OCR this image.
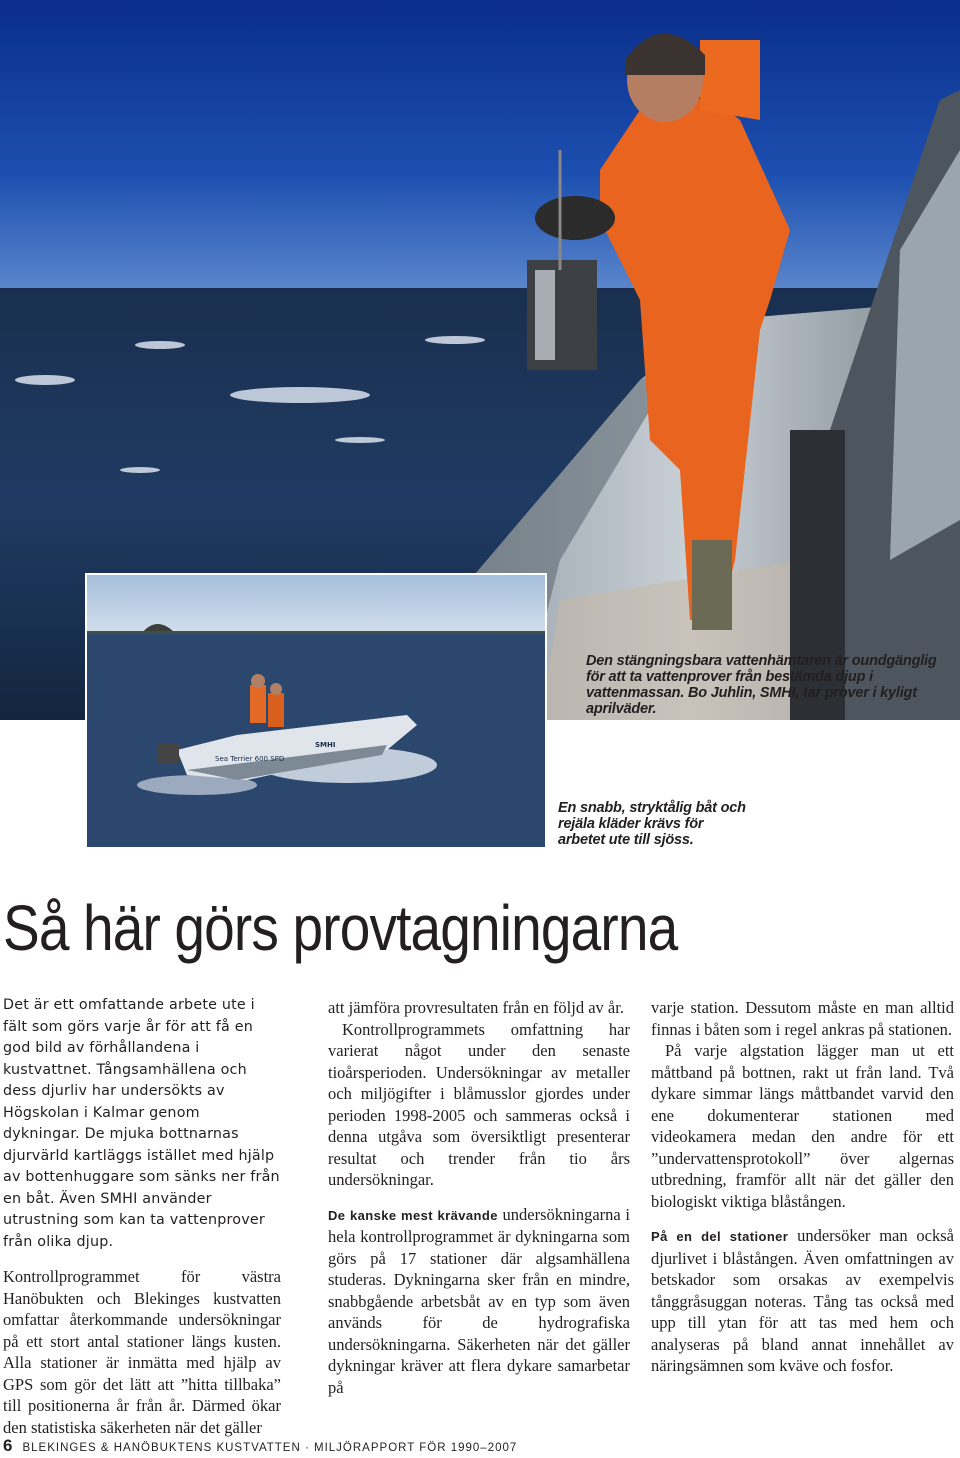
Sea Terrier 600 SPD
SMHI
Den stängningsbara vattenhämtaren är oundgänglig för att ta vattenprover från bestämda djup i vattenmassan. Bo Juhlin, SMHI, tar prover i kyligt aprilväder.
En snabb, stryktålig båt och rejäla kläder krävs för arbetet ute till sjöss.
Så här görs provtagningarna

Det är ett omfattande arbete ute i fält som görs varje år för att få en god bild av förhållandena i kustvattnet. Tångsamhällena och dess djurliv har undersökts av Högskolan i Kalmar genom dykningar. De mjuka bottnarnas djurvärld kartläggs istället med hjälp av bottenhuggare som sänks ner från en båt. Även SMHI använder utrustning som kan ta vattenprover från olika djup.

Kontrollprogrammet för västra Hanöbukten och Blekinges kustvatten omfattar återkommande undersökningar på ett stort antal stationer längs kusten. Alla stationer är inmätta med hjälp av GPS som gör det lätt att ”hitta tillbaka” till positionerna år från år. Därmed ökar den statistiska säkerheten när det gäller

att jämföra provresultaten från en följd av år.

Kontrollprogrammets omfattning har varierat något under den senaste tioårsperioden. Undersökningar av metaller och miljögifter i blåmusslor gjordes under perioden 1998-2005 och sammeras också i denna utgåva som översiktligt presenterar resultat och trender från tio års undersökningar.

De kanske mest krävande undersökningarna i hela kontrollprogrammet är dykningarna som görs på 17 stationer där algsamhällena studeras. Dykningarna sker från en mindre, snabbgående arbetsbåt av en typ som även används för de hydrografiska undersökningarna. Säkerheten när det gäller dykningar kräver att flera dykare samarbetar på

varje station. Dessutom måste en man alltid finnas i båten som i regel ankras på stationen.

På varje algstation lägger man ut ett måttband på bottnen, rakt ut från land. Två dykare simmar längs måttbandet varvid den ene dokumenterar stationen med videokamera medan den andre för ett ”undervattensprotokoll” över algernas utbredning, framför allt när det gäller den biologiskt viktiga blåstången.

På en del stationer undersöker man också djurlivet i blåstången. Även omfattningen av betskador som orsakas av exempelvis tånggråsuggan noteras. Tång tas också med upp till ytan för att tas med hem och analyseras på bland annat innehållet av näringsämnen som kväve och fosfor.

6 BLEKINGES & HANÖBUKTENS KUSTVATTEN · MILJÖRAPPORT FÖR 1990–2007
